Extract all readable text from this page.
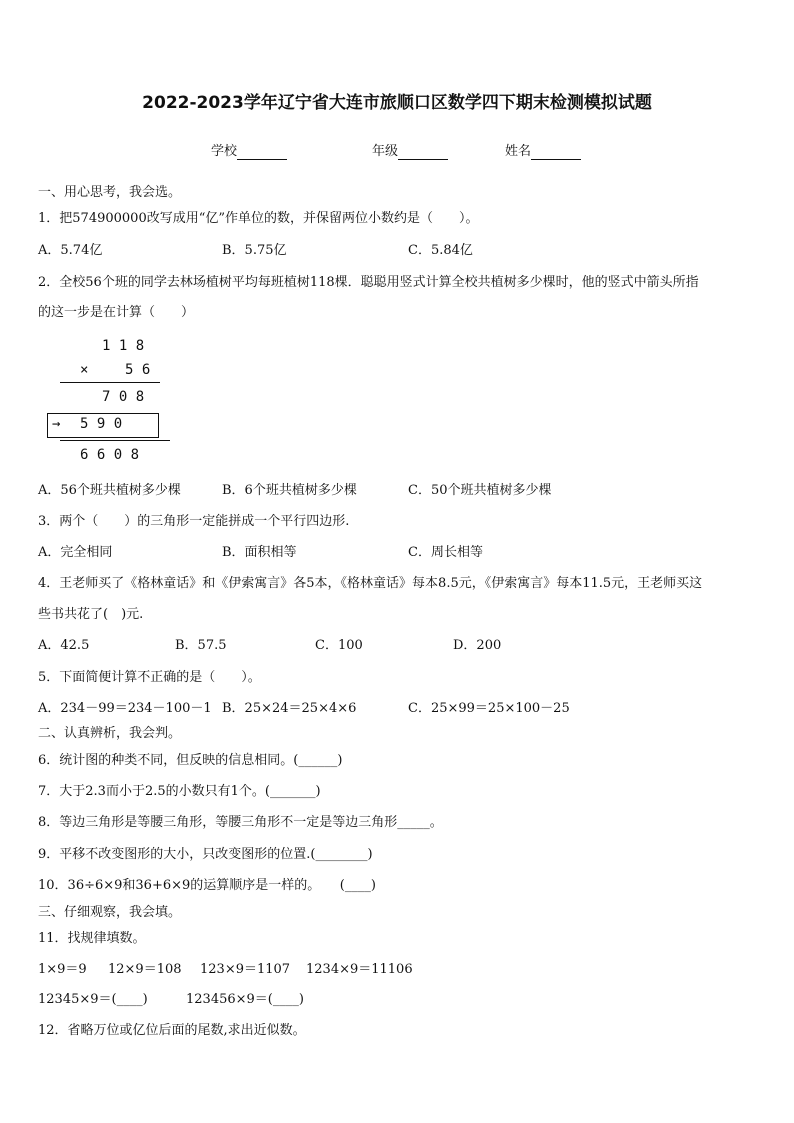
2022-2023学年辽宁省大连市旅顺口区数学四下期末检测模拟试题
学校	年级	姓名
一、用心思考，我会选。
1．把574900000改写成用“亿”作单位的数，并保留两位小数约是（　　）。
A．5.74亿	B．5.75亿	C．5.84亿
2．全校56个班的同学去林场植树平均每班植树118棵．聪聪用竖式计算全校共植树多少棵时，他的竖式中箭头所指
的这一步是在计算（　　）
1 1 8
×	5 6
7 0 8
→ 5 9 0
6 6 0 8
A．56个班共植树多少棵	B．6个班共植树多少棵	C．50个班共植树多少棵
3．两个（　　）的三角形一定能拼成一个平行四边形.
A．完全相同	B．面积相等	C．周长相等
4．王老师买了《格林童话》和《伊索寓言》各5本，《格林童话》每本8.5元，《伊索寓言》每本11.5元，王老师买这
些书共花了(　)元.
A．42.5	B．57.5	C．100	D．200
5．下面简便计算不正确的是（　　）。
A．234－99＝234－100－1 B．25×24＝25×4×6	C．25×99＝25×100－25
二、认真辨析，我会判。
6．统计图的种类不同，但反映的信息相同。(______)
7．大于2.3而小于2.5的小数只有1个。(_______)
8．等边三角形是等腰三角形，等腰三角形不一定是等边三角形_____。
9．平移不改变图形的大小，只改变图形的位置.(________)
10．36÷6×9和36+6×9的运算顺序是一样的。　　(____)
三、仔细观察，我会填。
11．找规律填数。
1×9＝9 12×9＝108 123×9＝1107 1234×9＝11106
12345×9＝(____)	123456×9＝(____)
12．省略万位或亿位后面的尾数,求出近似数。
